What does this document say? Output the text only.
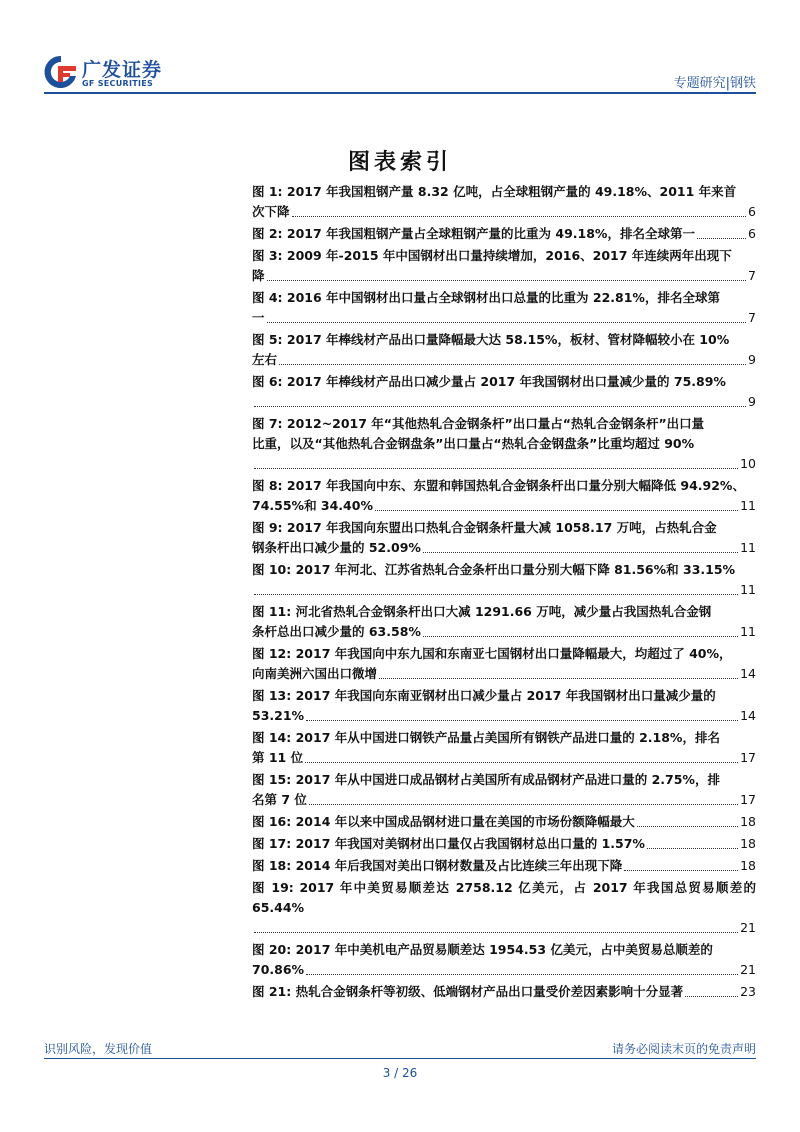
广发证券
GF SECURITIES	专题研究|钢铁
图表索引
图 1: 2017 年我国粗钢产量 8.32 亿吨，占全球粗钢产量的 49.18%、2011 年来首
次下降	6
图 2: 2017 年我国粗钢产量占全球粗钢产量的比重为 49.18%，排名全球第一	6
图 3: 2009 年-2015 年中国钢材出口量持续增加，2016、2017 年连续两年出现下
降	7
图 4: 2016 年中国钢材出口量占全球钢材出口总量的比重为 22.81%，排名全球第
一	7
图 5: 2017 年棒线材产品出口量降幅最大达 58.15%，板材、管材降幅较小在 10%
左右	9
图 6: 2017 年棒线材产品出口减少量占 2017 年我国钢材出口量减少量的 75.89%
9
图 7: 2012~2017 年“其他热轧合金钢条杆”出口量占“热轧合金钢条杆”出口量
比重，以及“其他热轧合金钢盘条”出口量占“热轧合金钢盘条”比重均超过 90%
10
图 8: 2017 年我国向中东、东盟和韩国热轧合金钢条杆出口量分别大幅降低 94.92%、
74.55%和 34.40%	11
图 9: 2017 年我国向东盟出口热轧合金钢条杆量大减 1058.17 万吨，占热轧合金
钢条杆出口减少量的 52.09%	11
图 10: 2017 年河北、江苏省热轧合金条杆出口量分别大幅下降 81.56%和 33.15%
11
图 11: 河北省热轧合金钢条杆出口大减 1291.66 万吨，减少量占我国热轧合金钢
条杆总出口减少量的 63.58%	11
图 12: 2017 年我国向中东九国和东南亚七国钢材出口量降幅最大，均超过了 40%，
向南美洲六国出口微增	14
图 13: 2017 年我国向东南亚钢材出口减少量占 2017 年我国钢材出口量减少量的
53.21%	14
图 14: 2017 年从中国进口钢铁产品量占美国所有钢铁产品进口量的 2.18%，排名
第 11 位	17
图 15: 2017 年从中国进口成品钢材占美国所有成品钢材产品进口量的 2.75%，排
名第 7 位	17
图 16: 2014 年以来中国成品钢材进口量在美国的市场份额降幅最大	18
图 17: 2017 年我国对美钢材出口量仅占我国钢材总出口量的 1.57%	18
图 18: 2014 年后我国对美出口钢材数量及占比连续三年出现下降	18
图 19: 2017 年中美贸易顺差达 2758.12 亿美元，占 2017 年我国总贸易顺差的 65.44%
21
图 20: 2017 年中美机电产品贸易顺差达 1954.53 亿美元，占中美贸易总顺差的
70.86%	21
图 21: 热轧合金钢条杆等初级、低端钢材产品出口量受价差因素影响十分显著	23
识别风险，发现价值	请务必阅读末页的免责声明
3 / 26
